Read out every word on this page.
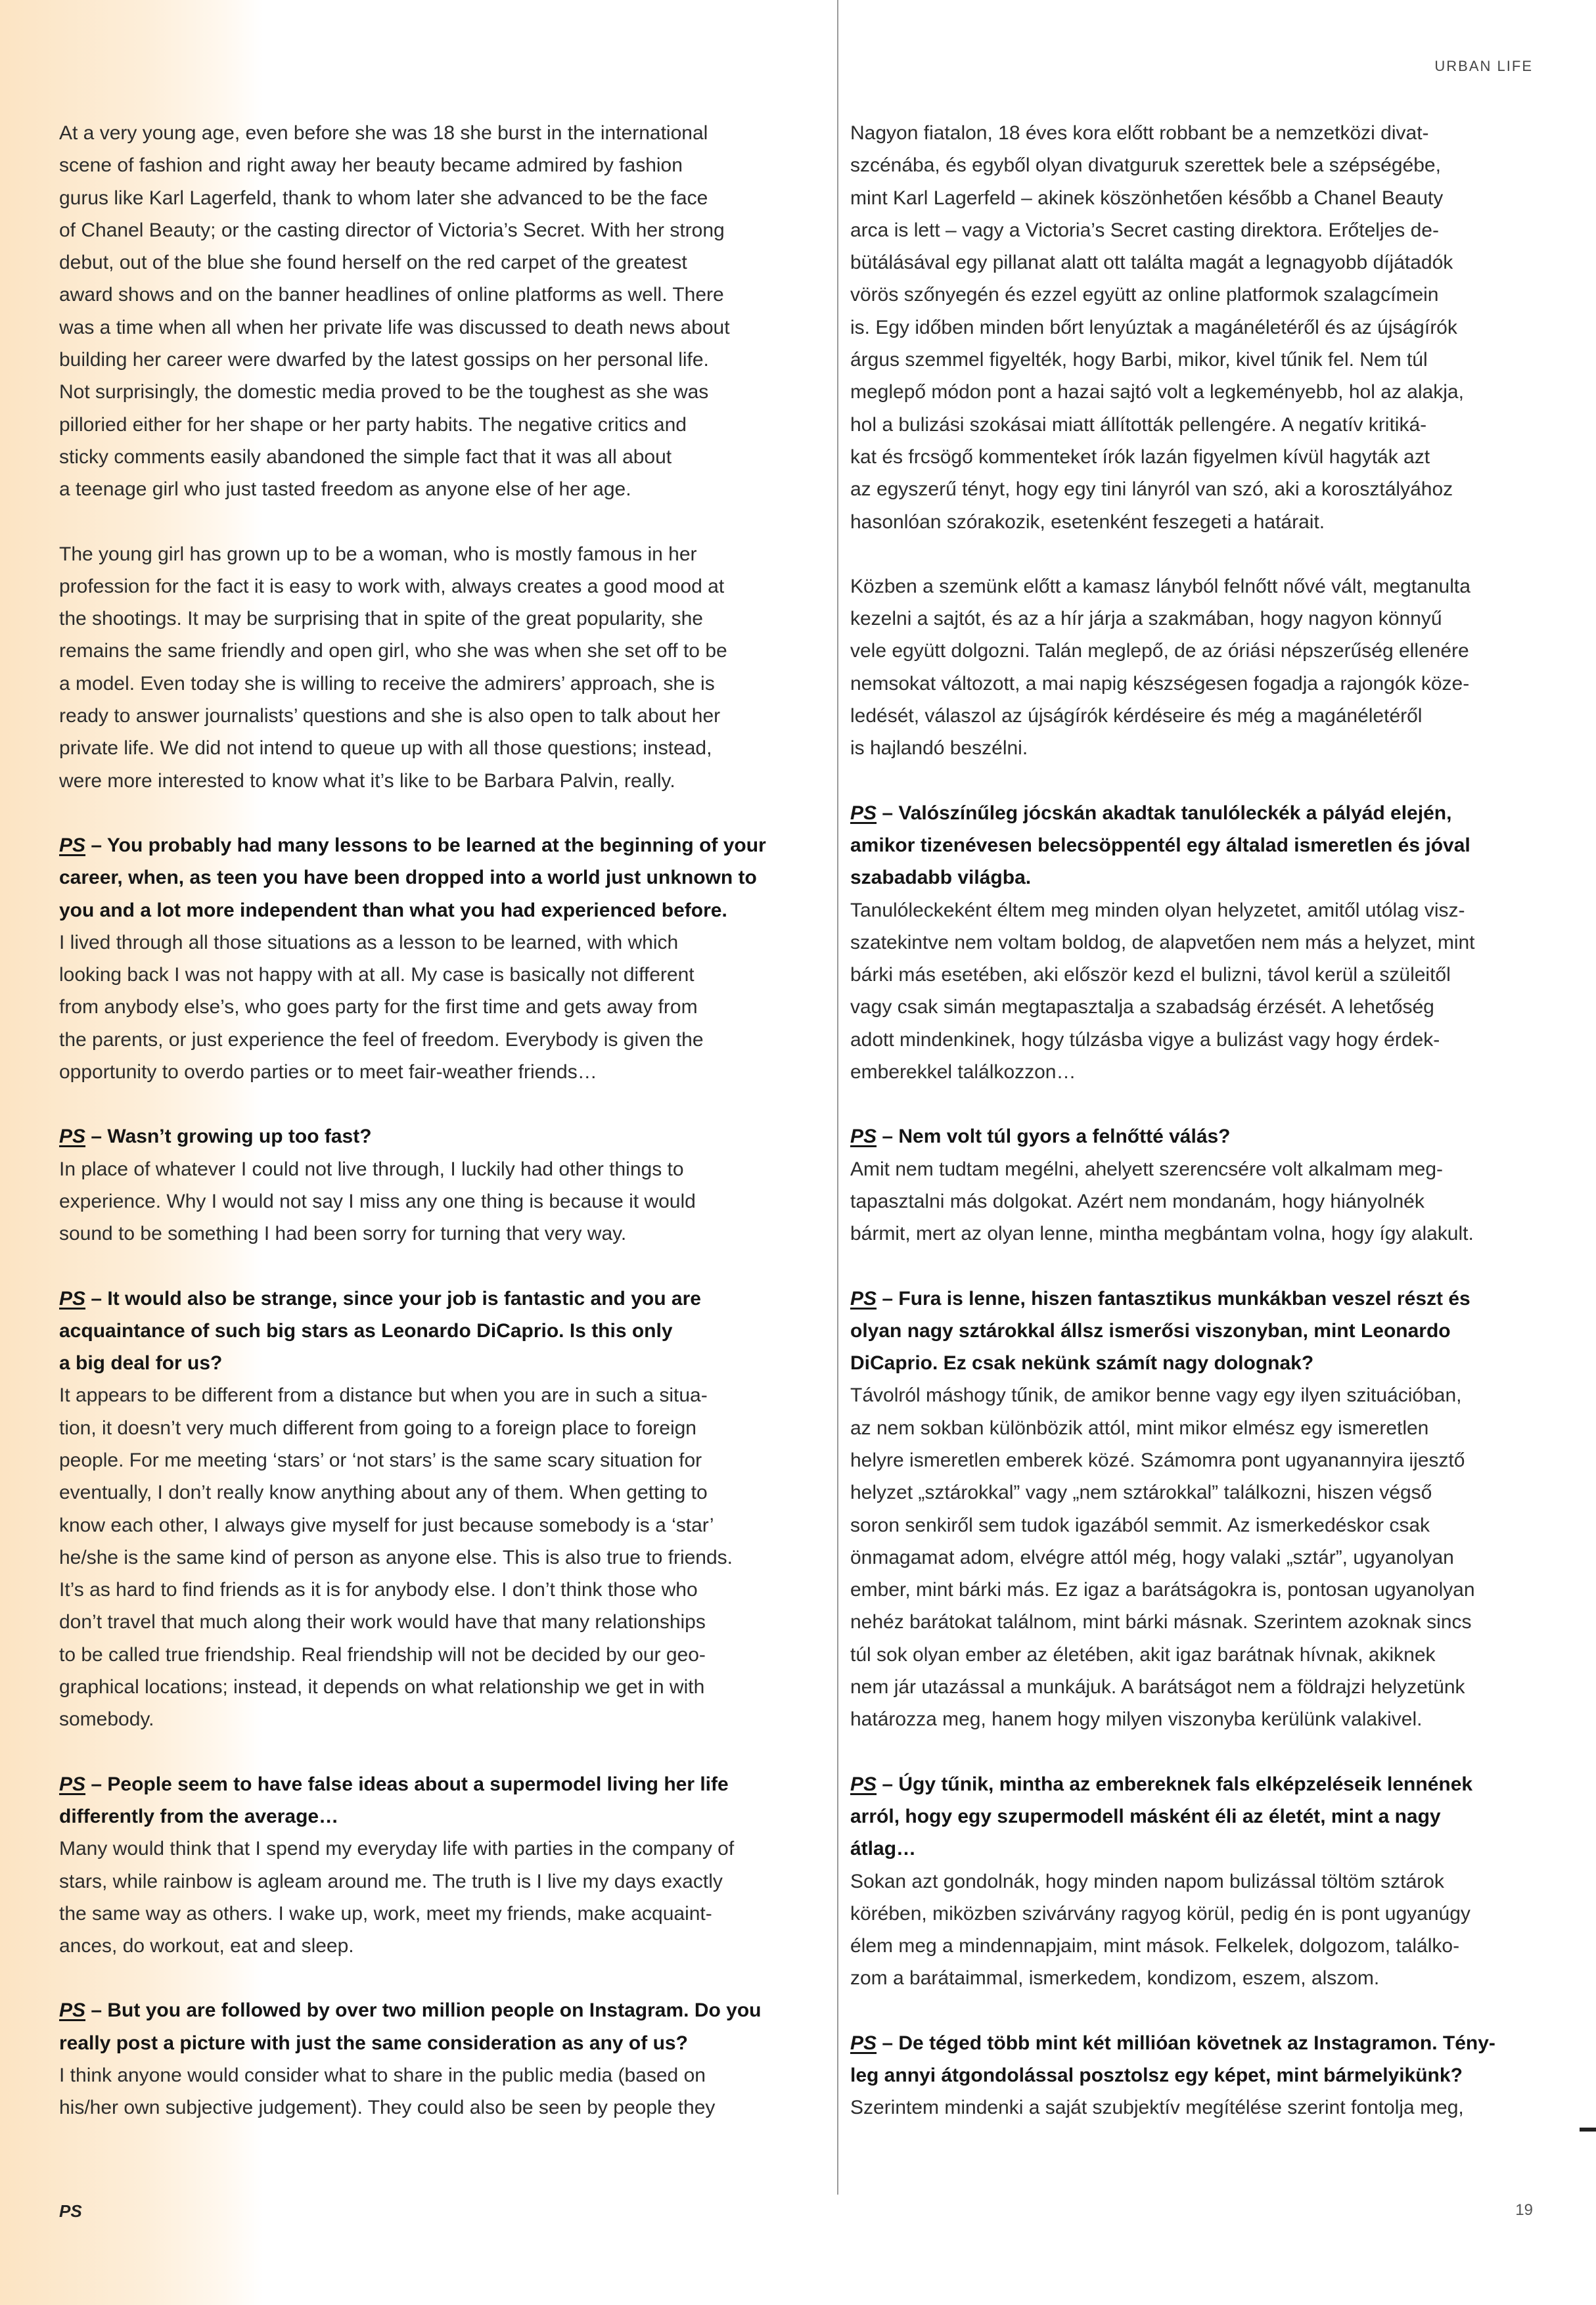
URBAN LIFE

At a very young age, even before she was 18 she burst in the international
scene of fashion and right away her beauty became admired by fashion
gurus like Karl Lagerfeld, thank to whom later she advanced to be the face
of Chanel Beauty; or the casting director of Victoria’s Secret. With her strong
debut, out of the blue she found herself on the red carpet of the greatest
award shows and on the banner headlines of online platforms as well. There
was a time when all when her private life was discussed to death news about
building her career were dwarfed by the latest gossips on her personal life.
Not surprisingly, the domestic media proved to be the toughest as she was
pilloried either for her shape or her party habits. The negative critics and
sticky comments easily abandoned the simple fact that it was all about
a teenage girl who just tasted freedom as anyone else of her age.

The young girl has grown up to be a woman, who is mostly famous in her
profession for the fact it is easy to work with, always creates a good mood at
the shootings. It may be surprising that in spite of the great popularity, she
remains the same friendly and open girl, who she was when she set off to be
a model. Even today she is willing to receive the admirers’ approach, she is
ready to answer journalists’ questions and she is also open to talk about her
private life. We did not intend to queue up with all those questions; instead,
were more interested to know what it’s like to be Barbara Palvin, really.

PS – You probably had many lessons to be learned at the beginning of your
career, when, as teen you have been dropped into a world just unknown to
you and a lot more independent than what you had experienced before.

I lived through all those situations as a lesson to be learned, with which
looking back I was not happy with at all. My case is basically not different
from anybody else’s, who goes party for the first time and gets away from
the parents, or just experience the feel of freedom. Everybody is given the
opportunity to overdo parties or to meet fair-weather friends…

PS – Wasn’t growing up too fast?

In place of whatever I could not live through, I luckily had other things to
experience. Why I would not say I miss any one thing is because it would
sound to be something I had been sorry for turning that very way.

PS – It would also be strange, since your job is fantastic and you are
acquaintance of such big stars as Leonardo DiCaprio. Is this only
a big deal for us?

It appears to be different from a distance but when you are in such a situa-
tion, it doesn’t very much different from going to a foreign place to foreign
people. For me meeting ‘stars’ or ‘not stars’ is the same scary situation for
eventually, I don’t really know anything about any of them. When getting to
know each other, I always give myself for just because somebody is a ‘star’
he/she is the same kind of person as anyone else. This is also true to friends.
It’s as hard to find friends as it is for anybody else. I don’t think those who
don’t travel that much along their work would have that many relationships
to be called true friendship. Real friendship will not be decided by our geo-
graphical locations; instead, it depends on what relationship we get in with
somebody.

PS – People seem to have false ideas about a supermodel living her life
differently from the average…

Many would think that I spend my everyday life with parties in the company of
stars, while rainbow is agleam around me. The truth is I live my days exactly
the same way as others. I wake up, work, meet my friends, make acquaint-
ances, do workout, eat and sleep.

PS – But you are followed by over two million people on Instagram. Do you
really post a picture with just the same consideration as any of us?

I think anyone would consider what to share in the public media (based on
his/her own subjective judgement). They could also be seen by people they

Nagyon fiatalon, 18 éves kora előtt robbant be a nemzetközi divat-
szcénába, és egyből olyan divatguruk szerettek bele a szépségébe,
mint Karl Lagerfeld – akinek köszönhetően később a Chanel Beauty
arca is lett – vagy a Victoria’s Secret casting direktora. Erőteljes de-
bütálásával egy pillanat alatt ott találta magát a legnagyobb díjátadók
vörös szőnyegén és ezzel együtt az online platformok szalagcímein
is. Egy időben minden bőrt lenyúztak a magánéletéről és az újságírók
árgus szemmel figyelték, hogy Barbi, mikor, kivel tűnik fel. Nem túl
meglepő módon pont a hazai sajtó volt a legkeményebb, hol az alakja,
hol a bulizási szokásai miatt állították pellengére. A negatív kritiká-
kat és frcsögő kommenteket írók lazán figyelmen kívül hagyták azt
az egyszerű tényt, hogy egy tini lányról van szó, aki a korosztályához
hasonlóan szórakozik, esetenként feszegeti a határait.

Közben a szemünk előtt a kamasz lányból felnőtt nővé vált, megtanulta
kezelni a sajtót, és az a hír járja a szakmában, hogy nagyon könnyű
vele együtt dolgozni. Talán meglepő, de az óriási népszerűség ellenére
nemsokat változott, a mai napig készségesen fogadja a rajongók köze-
ledését, válaszol az újságírók kérdéseire és még a magánéletéről
is hajlandó beszélni.

PS – Valószínűleg jócskán akadtak tanulóleckék a pályád elején,
amikor tizenévesen belecsöppentél egy általad ismeretlen és jóval
szabadabb világba.

Tanulóleckeként éltem meg minden olyan helyzetet, amitől utólag visz-
szatekintve nem voltam boldog, de alapvetően nem más a helyzet, mint
bárki más esetében, aki először kezd el bulizni, távol kerül a szüleitől
vagy csak simán megtapasztalja a szabadság érzését. A lehetőség
adott mindenkinek, hogy túlzásba vigye a bulizást vagy hogy érdek-
emberekkel találkozzon…

PS – Nem volt túl gyors a felnőtté válás?

Amit nem tudtam megélni, ahelyett szerencsére volt alkalmam meg-
tapasztalni más dolgokat. Azért nem mondanám, hogy hiányolnék
bármit, mert az olyan lenne, mintha megbántam volna, hogy így alakult.

PS – Fura is lenne, hiszen fantasztikus munkákban veszel részt és
olyan nagy sztárokkal állsz ismerősi viszonyban, mint Leonardo
DiCaprio. Ez csak nekünk számít nagy dolognak?

Távolról máshogy tűnik, de amikor benne vagy egy ilyen szituációban,
az nem sokban különbözik attól, mint mikor elmész egy ismeretlen
helyre ismeretlen emberek közé. Számomra pont ugyanannyira ijesztő
helyzet „sztárokkal” vagy „nem sztárokkal” találkozni, hiszen végső
soron senkiről sem tudok igazából semmit. Az ismerkedéskor csak
önmagamat adom, elvégre attól még, hogy valaki „sztár”, ugyanolyan
ember, mint bárki más. Ez igaz a barátságokra is, pontosan ugyanolyan
nehéz barátokat találnom, mint bárki másnak. Szerintem azoknak sincs
túl sok olyan ember az életében, akit igaz barátnak hívnak, akiknek
nem jár utazással a munkájuk. A barátságot nem a földrajzi helyzetünk
határozza meg, hanem hogy milyen viszonyba kerülünk valakivel.

PS – Úgy tűnik, mintha az embereknek fals elképzeléseik lennének
arról, hogy egy szupermodell másként éli az életét, mint a nagy
átlag…

Sokan azt gondolnák, hogy minden napom bulizással töltöm sztárok
körében, miközben szivárvány ragyog körül, pedig én is pont ugyanúgy
élem meg a mindennapjaim, mint mások. Felkelek, dolgozom, találko-
zom a barátaimmal, ismerkedem, kondizom, eszem, alszom.

PS – De téged több mint két millióan követnek az Instagramon. Tény-
leg annyi átgondolással posztolsz egy képet, mint bármelyikünk?

Szerintem mindenki a saját szubjektív megítélése szerint fontolja meg,

PS	19
